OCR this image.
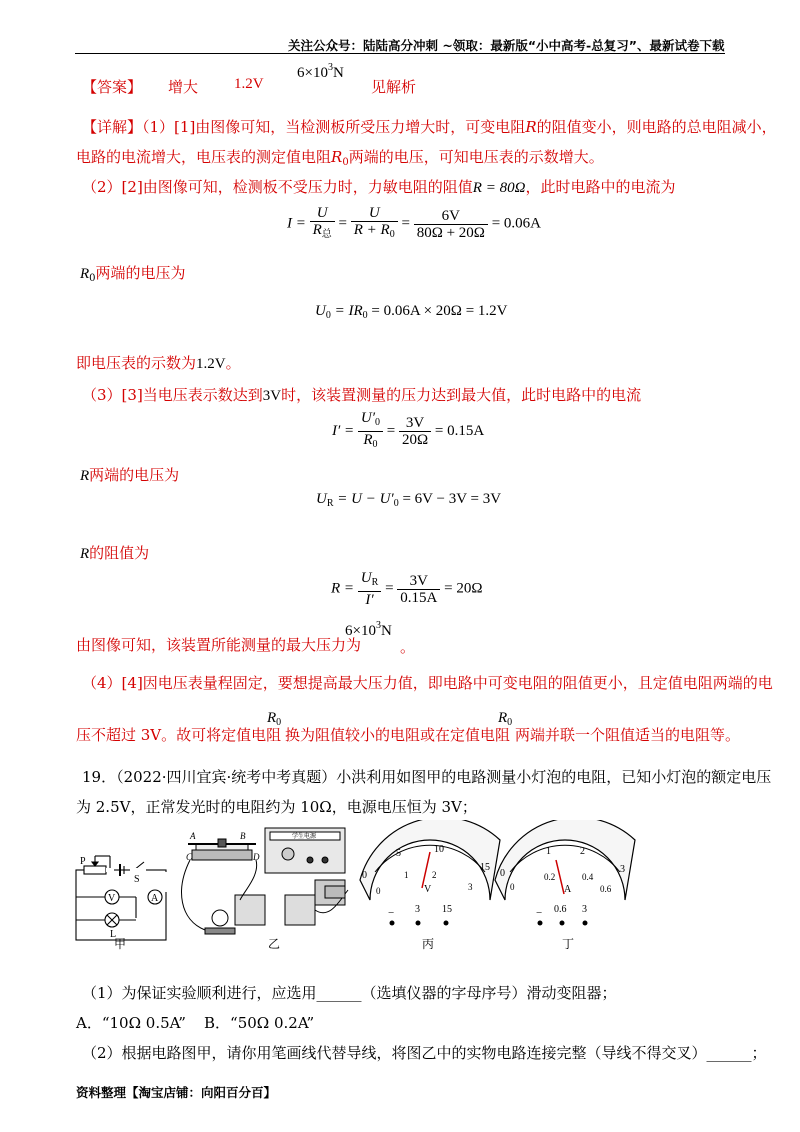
关注公众号：陆陆高分冲刺 ~领取：最新版“小中高考-总复习”、最新试卷下载
【答案】 增大 1.2V
$6\times 10^3N$
见解析
【详解】（1）[1]由图像可知，当检测板所受压力增大时，可变电阻R的阻值变小，则电路的总电阻减小，
电路的电流增大，电压表的测定值电阻$R_0$两端的电压，可知电压表的示数增大。
（2）[2]由图像可知，检测板不受压力时，力敏电阻的阻值R = 80Ω，此时电路中的电流为
$I = \frac{U}{R_总} = \frac{U}{R + R_0} = \frac{6V}{80\Omega + 20\Omega} = 0.06A$
$R_0$两端的电压为
$U_0 = IR_0 = 0.06A \times 20\Omega = 1.2V$
即电压表的示数为1.2V。
（3）[3]当电压表示数达到3V时，该装置测量的压力达到最大值，此时电路中的电流
$I' = \frac{U'_0}{R_0} = \frac{3V}{20\Omega} = 0.15A$
R两端的电压为
$U_R = U - U'_0 = 6V - 3V = 3V$
R的阻值为
$R = \frac{U_R}{I'} = \frac{3V}{0.15A} = 20\Omega$
由图像可知，该装置所能测量的最大压力为
$6\times 10^3N$
。
（4）[4]因电压表量程固定，要想提高最大压力值，即电路中可变电阻的阻值更小，且定值电阻两端的电
压不超过 3V。故可将定值电阻
$R_0$
换为阻值较小的电阻或在定值电阻
$R_0$
两端并联一个阻值适当的电阻等。
19．（2022·四川宜宾·统考中考真题）小洪利用如图甲的电路测量小灯泡的电阻，已知小灯泡的额定电压
为 2.5V，正常发光时的电阻约为 10Ω，电源电压恒为 3V；
P
S
V	A
L
A	B
C	D
学生电源
0
5	10
15
0
1	2
3
V
− 3 15
0
1	2
3
0
0.2	0.4
0.6
A
− 0.6 3
甲	乙	丙	丁
（1）为保证实验顺利进行，应选用______（选填仪器的字母序号）滑动变阻器；
A．“10Ω 0.5A” B．“50Ω 0.2A”
（2）根据电路图甲，请你用笔画线代替导线，将图乙中的实物电路连接完整（导线不得交叉）______；
资料整理【淘宝店铺：向阳百分百】
